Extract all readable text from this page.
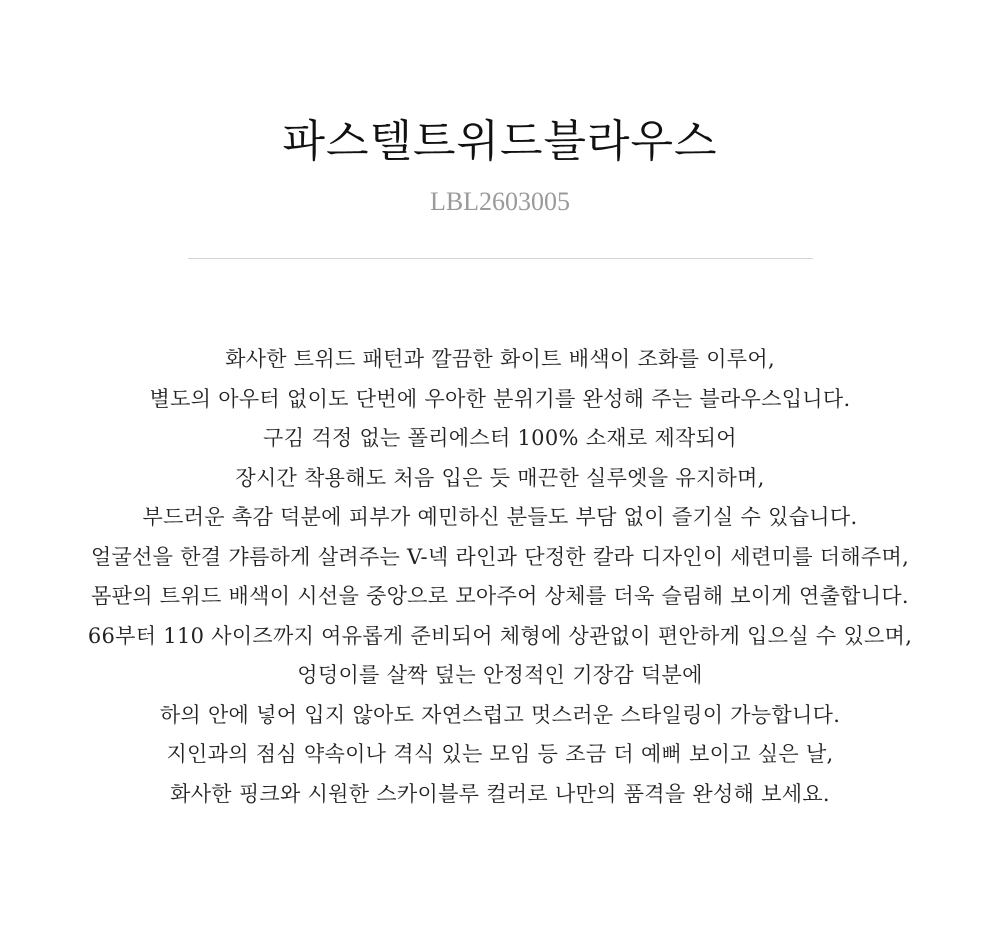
파스텔트위드블라우스
LBL2603005
화사한 트위드 패턴과 깔끔한 화이트 배색이 조화를 이루어,
별도의 아우터 없이도 단번에 우아한 분위기를 완성해 주는 블라우스입니다.
구김 걱정 없는 폴리에스터 100% 소재로 제작되어
장시간 착용해도 처음 입은 듯 매끈한 실루엣을 유지하며,
부드러운 촉감 덕분에 피부가 예민하신 분들도 부담 없이 즐기실 수 있습니다.
얼굴선을 한결 갸름하게 살려주는 V-넥 라인과 단정한 칼라 디자인이 세련미를 더해주며,
몸판의 트위드 배색이 시선을 중앙으로 모아주어 상체를 더욱 슬림해 보이게 연출합니다.
66부터 110 사이즈까지 여유롭게 준비되어 체형에 상관없이 편안하게 입으실 수 있으며,
엉덩이를 살짝 덮는 안정적인 기장감 덕분에
하의 안에 넣어 입지 않아도 자연스럽고 멋스러운 스타일링이 가능합니다.
지인과의 점심 약속이나 격식 있는 모임 등 조금 더 예뻐 보이고 싶은 날,
화사한 핑크와 시원한 스카이블루 컬러로 나만의 품격을 완성해 보세요.
